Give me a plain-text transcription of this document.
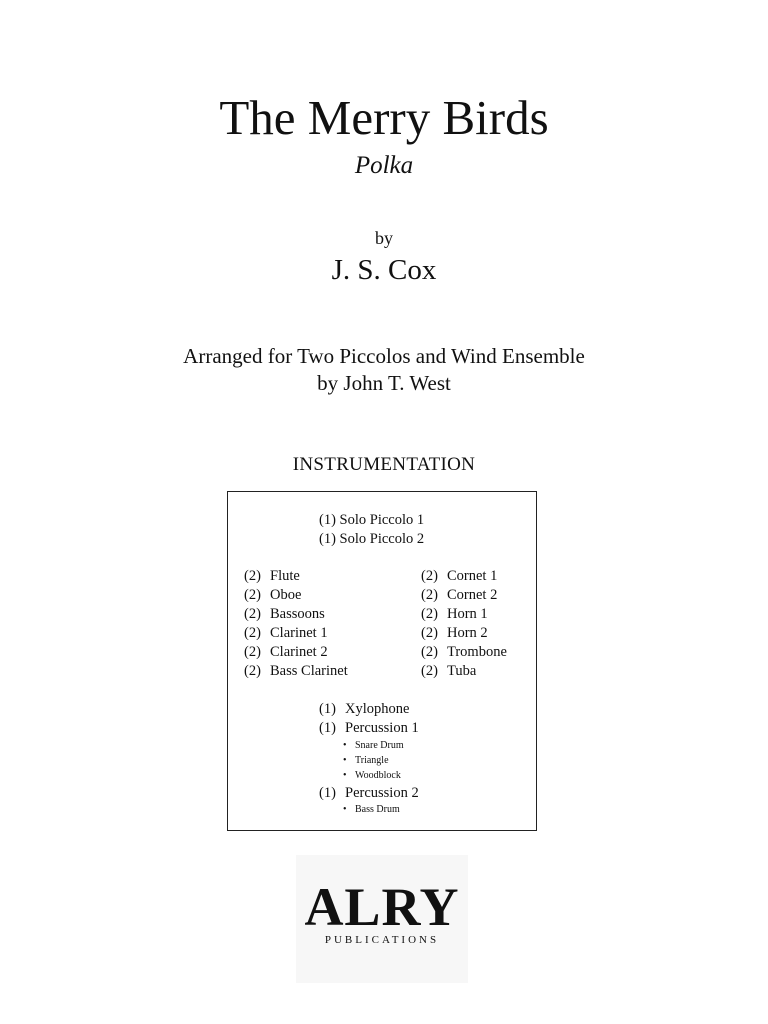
The Merry Birds
Polka
by
J. S. Cox
Arranged for Two Piccolos and Wind Ensemble
by John T. West
INSTRUMENTATION
(1) Solo Piccolo 1
(1) Solo Piccolo 2
(2) Flute
(2) Oboe
(2) Bassoons
(2) Clarinet 1
(2) Clarinet 2
(2) Bass Clarinet
(2) Cornet 1
(2) Cornet 2
(2) Horn 1
(2) Horn 2
(2) Trombone
(2) Tuba
(1) Xylophone
(1) Percussion 1
• Snare Drum
• Triangle
• Woodblock
(1) Percussion 2
• Bass Drum
ALRY
PUBLICATIONS
